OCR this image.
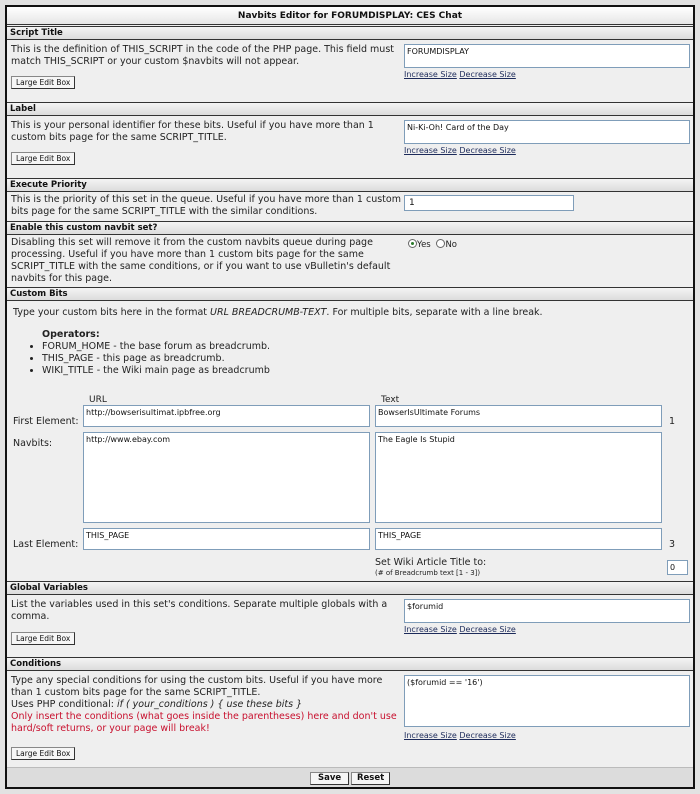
Navbits Editor for FORUMDISPLAY: CES Chat
Script Title
This is the definition of THIS_SCRIPT in the code of the PHP page. This field must match THIS_SCRIPT or your custom $navbits will not appear.
Large Edit Box
FORUMDISPLAY
Increase Size Decrease Size
Label
This is your personal identifier for these bits. Useful if you have more than 1 custom bits page for the same SCRIPT_TITLE.
Large Edit Box
Ni-Ki-Oh! Card of the Day
Increase Size Decrease Size
Execute Priority
This is the priority of this set in the queue. Useful if you have more than 1 custom bits page for the same SCRIPT_TITLE with the similar conditions.
1
Enable this custom navbit set?
Disabling this set will remove it from the custom navbits queue during page processing. Useful if you have more than 1 custom bits page for the same SCRIPT_TITLE with the same conditions, or if you want to use vBulletin's default navbits for this page.
Yes No
Custom Bits
Type your custom bits here in the format URL BREADCRUMB-TEXT. For multiple bits, separate with a line break.
Operators:
• FORUM_HOME - the base forum as breadcrumb.
• THIS_PAGE - this page as breadcrumb.
• WIKI_TITLE - the Wiki main page as breadcrumb
URL	Text
First Element:
http://bowserisultimat.ipbfree.org	BowserIsUltimate Forums
1
Navbits:	http://www.ebay.com	The Eagle Is Stupid
Last Element:
THIS_PAGE	THIS_PAGE
3
Set Wiki Article Title to:
(# of Breadcrumb text [1 - 3])
0
Global Variables
List the variables used in this set's conditions. Separate multiple globals with a comma.
Large Edit Box
$forumid
Increase Size Decrease Size
Conditions
Type any special conditions for using the custom bits. Useful if you have more than 1 custom bits page for the same SCRIPT_TITLE.
Uses PHP conditional: if ( your_conditions ) { use these bits }
Only insert the conditions (what goes inside the parentheses) here and don't use hard/soft returns, or your page will break!
Large Edit Box
($forumid == '16')
Increase Size Decrease Size
Save	Reset
